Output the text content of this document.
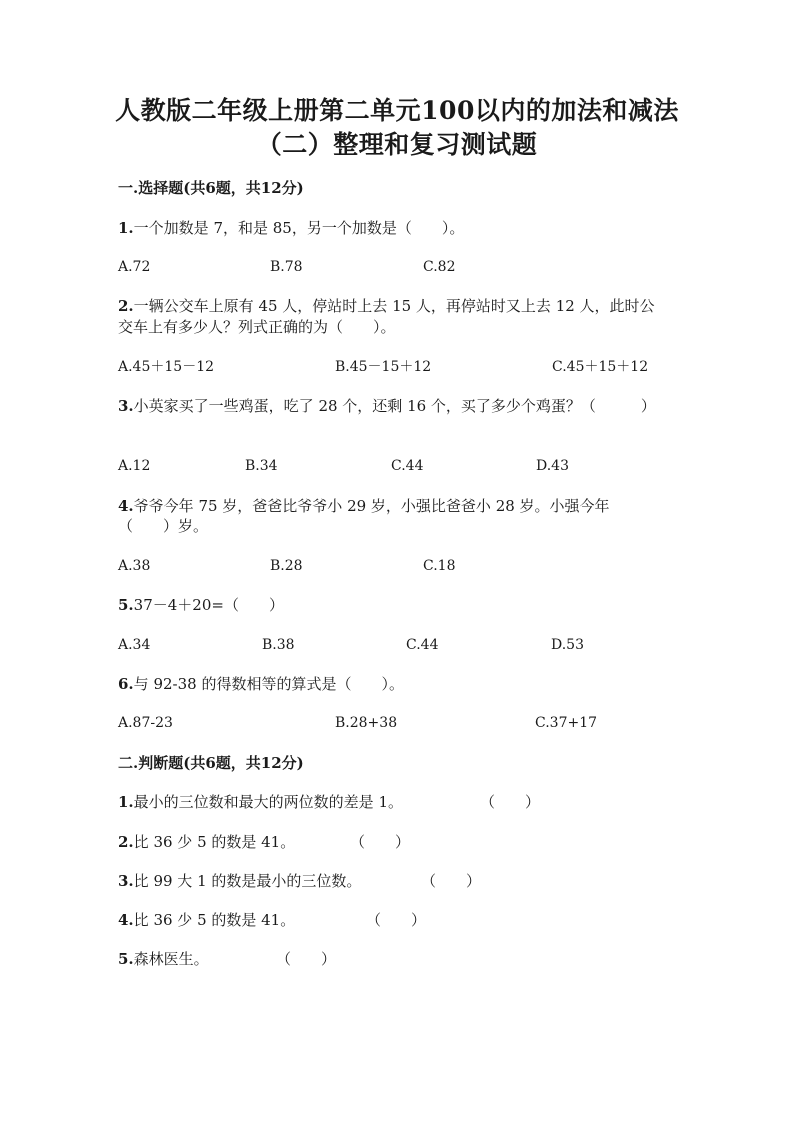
人教版二年级上册第二单元100以内的加法和减法
（二）整理和复习测试题
一.选择题(共6题，共12分)
1.一个加数是 7，和是 85，另一个加数是（　　）。
A.72	B.78	C.82
2.一辆公交车上原有 45 人，停站时上去 15 人，再停站时又上去 12 人，此时公
交车上有多少人？列式正确的为（　　）。
A.45＋15－12	B.45－15＋12	C.45＋15＋12
3.小英家买了一些鸡蛋，吃了 28 个，还剩 16 个，买了多少个鸡蛋？（　　　）
A.12	B.34	C.44	D.43
4.爷爷今年 75 岁，爸爸比爷爷小 29 岁，小强比爸爸小 28 岁。小强今年
（　　）岁。
A.38	B.28	C.18
5.37－4＋20=（　　）
A.34	B.38	C.44	D.53
6.与 92-38 的得数相等的算式是（　　）。
A.87-23	B.28+38	C.37+17
二.判断题(共6题，共12分)
1.最小的三位数和最大的两位数的差是 1。	（　　）
2.比 36 少 5 的数是 41。	（　　）
3.比 99 大 1 的数是最小的三位数。	（　　）
4.比 36 少 5 的数是 41。	（　　）
5.森林医生。	（　　）
